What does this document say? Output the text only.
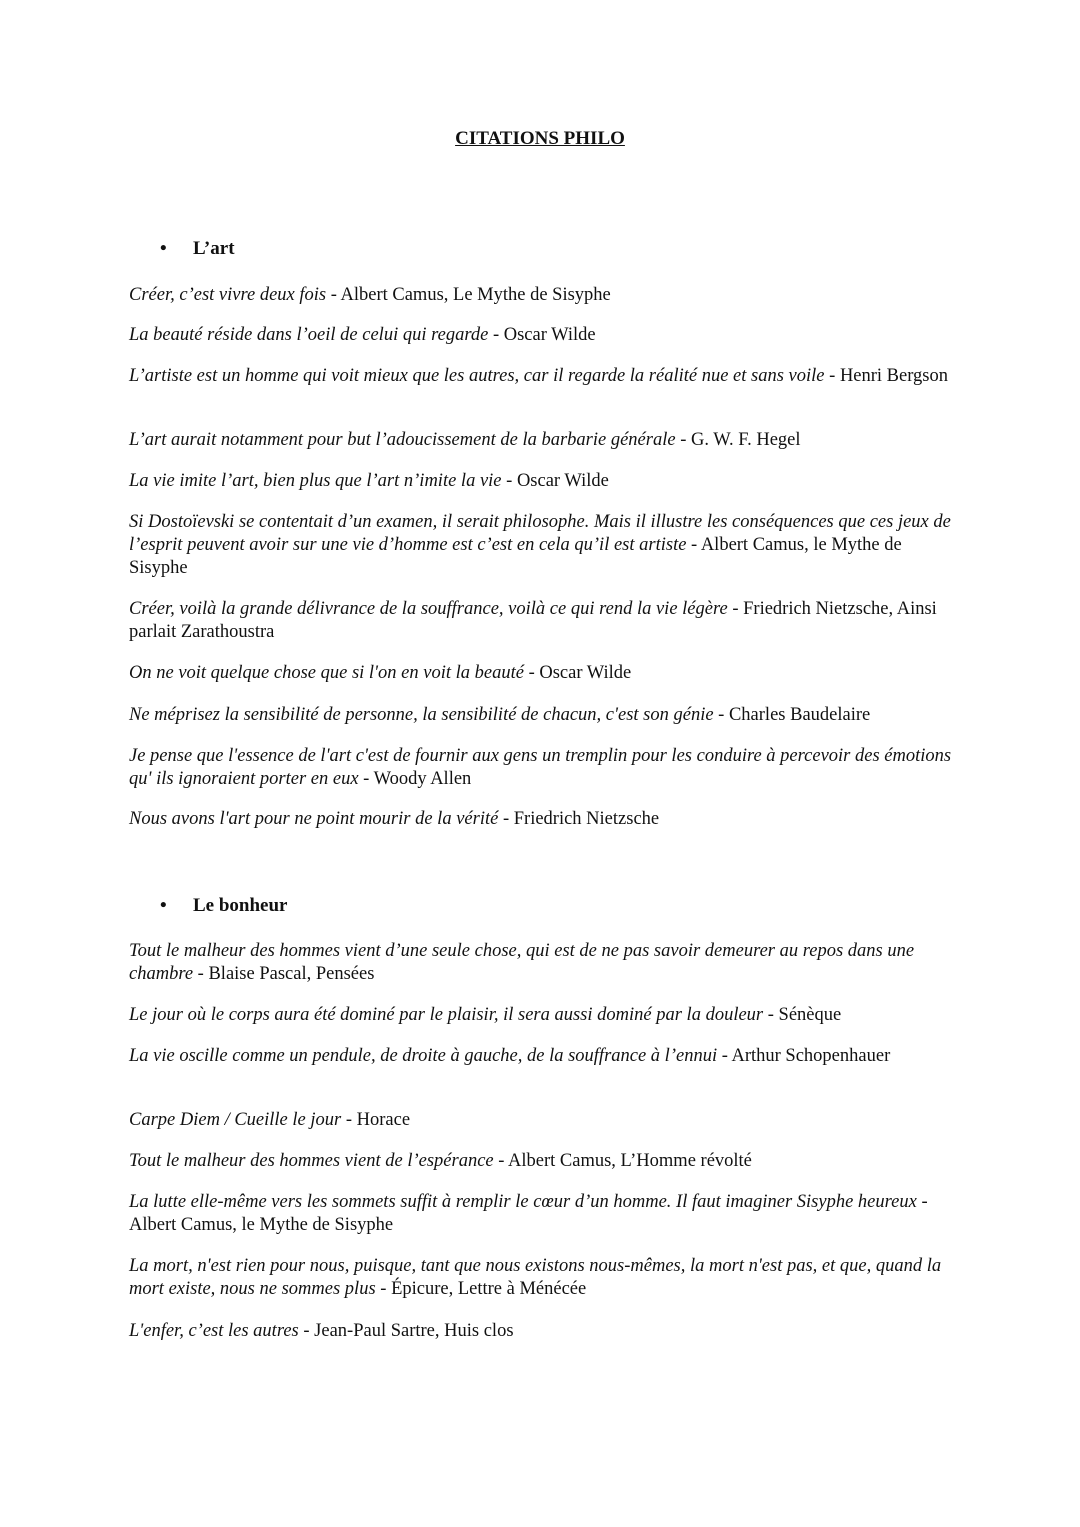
CITATIONS PHILO
• L’art
Créer, c’est vivre deux fois - Albert Camus, Le Mythe de Sisyphe
La beauté réside dans l’oeil de celui qui regarde - Oscar Wilde
L’artiste est un homme qui voit mieux que les autres, car il regarde la réalité nue et sans voile - Henri Bergson
L’art aurait notamment pour but l’adoucissement de la barbarie générale - G. W. F. Hegel
La vie imite l’art, bien plus que l’art n’imite la vie - Oscar Wilde
Si Dostoïevski se contentait d’un examen, il serait philosophe. Mais il illustre les conséquences que ces jeux de l’esprit peuvent avoir sur une vie d’homme est c’est en cela qu’il est artiste - Albert Camus, le Mythe de Sisyphe
Créer, voilà la grande délivrance de la souffrance, voilà ce qui rend la vie légère - Friedrich Nietzsche, Ainsi parlait Zarathoustra
On ne voit quelque chose que si l'on en voit la beauté - Oscar Wilde
Ne méprisez la sensibilité de personne, la sensibilité de chacun, c'est son génie - Charles Baudelaire
Je pense que l'essence de l'art c'est de fournir aux gens un tremplin pour les conduire à percevoir des émotions qu' ils ignoraient porter en eux - Woody Allen
Nous avons l'art pour ne point mourir de la vérité - Friedrich Nietzsche
• Le bonheur
Tout le malheur des hommes vient d’une seule chose, qui est de ne pas savoir demeurer au repos dans une chambre - Blaise Pascal, Pensées
Le jour où le corps aura été dominé par le plaisir, il sera aussi dominé par la douleur - Sénèque
La vie oscille comme un pendule, de droite à gauche, de la souffrance à l’ennui - Arthur Schopenhauer
Carpe Diem / Cueille le jour - Horace
Tout le malheur des hommes vient de l’espérance - Albert Camus, L’Homme révolté
La lutte elle-même vers les sommets suffit à remplir le cœur d’un homme. Il faut imaginer Sisyphe heureux - Albert Camus, le Mythe de Sisyphe
La mort, n'est rien pour nous, puisque, tant que nous existons nous-mêmes, la mort n'est pas, et que, quand la mort existe, nous ne sommes plus - Épicure, Lettre à Ménécée
L'enfer, c’est les autres - Jean-Paul Sartre, Huis clos
